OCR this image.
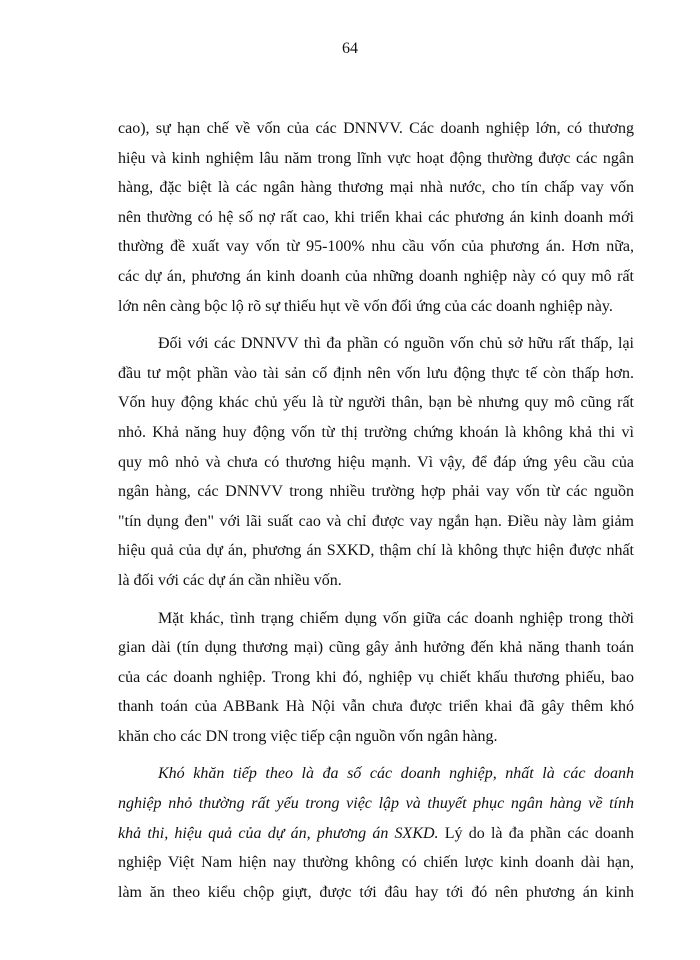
64
cao), sự hạn chế về vốn của các DNNVV. Các doanh nghiệp lớn, có thương
hiệu và kinh nghiệm lâu năm trong lĩnh vực hoạt động thường được các ngân
hàng, đặc biệt là các ngân hàng thương mại nhà nước, cho tín chấp vay vốn
nên thường có hệ số nợ rất cao, khi triển khai các phương án kinh doanh mới
thường đề xuất vay vốn từ 95-100% nhu cầu vốn của phương án. Hơn nữa,
các dự án, phương án kinh doanh của những doanh nghiệp này có quy mô rất
lớn nên càng bộc lộ rõ sự thiếu hụt về vốn đối ứng của các doanh nghiệp này.
Đối với các DNNVV thì đa phần có nguồn vốn chủ sở hữu rất thấp, lại
đầu tư một phần vào tài sản cố định nên vốn lưu động thực tế còn thấp hơn.
Vốn huy động khác chủ yếu là từ người thân, bạn bè nhưng quy mô cũng rất
nhỏ. Khả năng huy động vốn từ thị trường chứng khoán là không khả thi vì
quy mô nhỏ và chưa có thương hiệu mạnh. Vì vậy, để đáp ứng yêu cầu của
ngân hàng, các DNNVV trong nhiều trường hợp phải vay vốn từ các nguồn
"tín dụng đen" với lãi suất cao và chỉ được vay ngắn hạn. Điều này làm giảm
hiệu quả của dự án, phương án SXKD, thậm chí là không thực hiện được nhất
là đối với các dự án cần nhiều vốn.
Mặt khác, tình trạng chiếm dụng vốn giữa các doanh nghiệp trong thời
gian dài (tín dụng thương mại) cũng gây ảnh hưởng đến khả năng thanh toán
của các doanh nghiệp. Trong khi đó, nghiệp vụ chiết khấu thương phiếu, bao
thanh toán của ABBank Hà Nội vẫn chưa được triển khai đã gây thêm khó
khăn cho các DN trong việc tiếp cận nguồn vốn ngân hàng.
Khó khăn tiếp theo là đa số các doanh nghiệp, nhất là các doanh
nghiệp nhỏ thường rất yếu trong việc lập và thuyết phục ngân hàng về tính
khả thi, hiệu quả của dự án, phương án SXKD. Lý do là đa phần các doanh
nghiệp Việt Nam hiện nay thường không có chiến lược kinh doanh dài hạn,
làm ăn theo kiểu chộp giựt, được tới đâu hay tới đó nên phương án kinh
